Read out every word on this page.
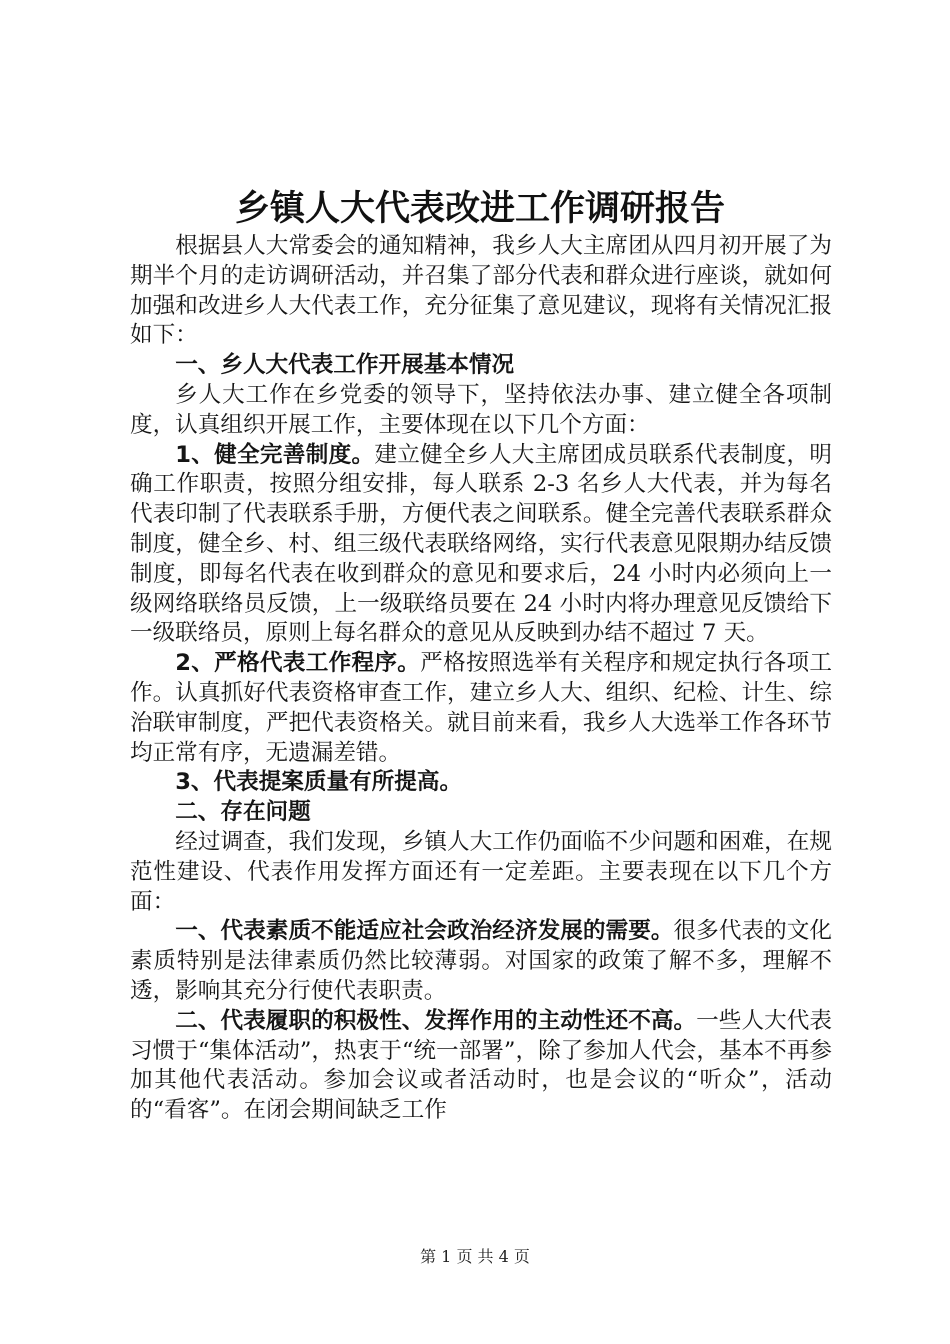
乡镇人大代表改进工作调研报告

根据县人大常委会的通知精神，我乡人大主席团从四月初开展了为期半个月的走访调研活动，并召集了部分代表和群众进行座谈，就如何加强和改进乡人大代表工作，充分征集了意见建议，现将有关情况汇报如下：

一、乡人大代表工作开展基本情况

乡人大工作在乡党委的领导下，坚持依法办事、建立健全各项制度，认真组织开展工作，主要体现在以下几个方面：

1、健全完善制度。建立健全乡人大主席团成员联系代表制度，明确工作职责，按照分组安排，每人联系 2-3 名乡人大代表，并为每名代表印制了代表联系手册，方便代表之间联系。健全完善代表联系群众制度，健全乡、村、组三级代表联络网络，实行代表意见限期办结反馈制度，即每名代表在收到群众的意见和要求后，24 小时内必须向上一级网络联络员反馈，上一级联络员要在 24 小时内将办理意见反馈给下一级联络员，原则上每名群众的意见从反映到办结不超过 7 天。

2、严格代表工作程序。严格按照选举有关程序和规定执行各项工作。认真抓好代表资格审查工作，建立乡人大、组织、纪检、计生、综治联审制度，严把代表资格关。就目前来看，我乡人大选举工作各环节均正常有序，无遗漏差错。

3、代表提案质量有所提高。

二、存在问题

经过调查，我们发现，乡镇人大工作仍面临不少问题和困难，在规范性建设、代表作用发挥方面还有一定差距。主要表现在以下几个方面：

一、代表素质不能适应社会政治经济发展的需要。很多代表的文化素质特别是法律素质仍然比较薄弱。对国家的政策了解不多，理解不透，影响其充分行使代表职责。

二、代表履职的积极性、发挥作用的主动性还不高。一些人大代表习惯于“集体活动”，热衷于“统一部署”，除了参加人代会，基本不再参加其他代表活动。参加会议或者活动时，也是会议的“听众”，活动的“看客”。在闭会期间缺乏工作

第 1 页 共 4 页
